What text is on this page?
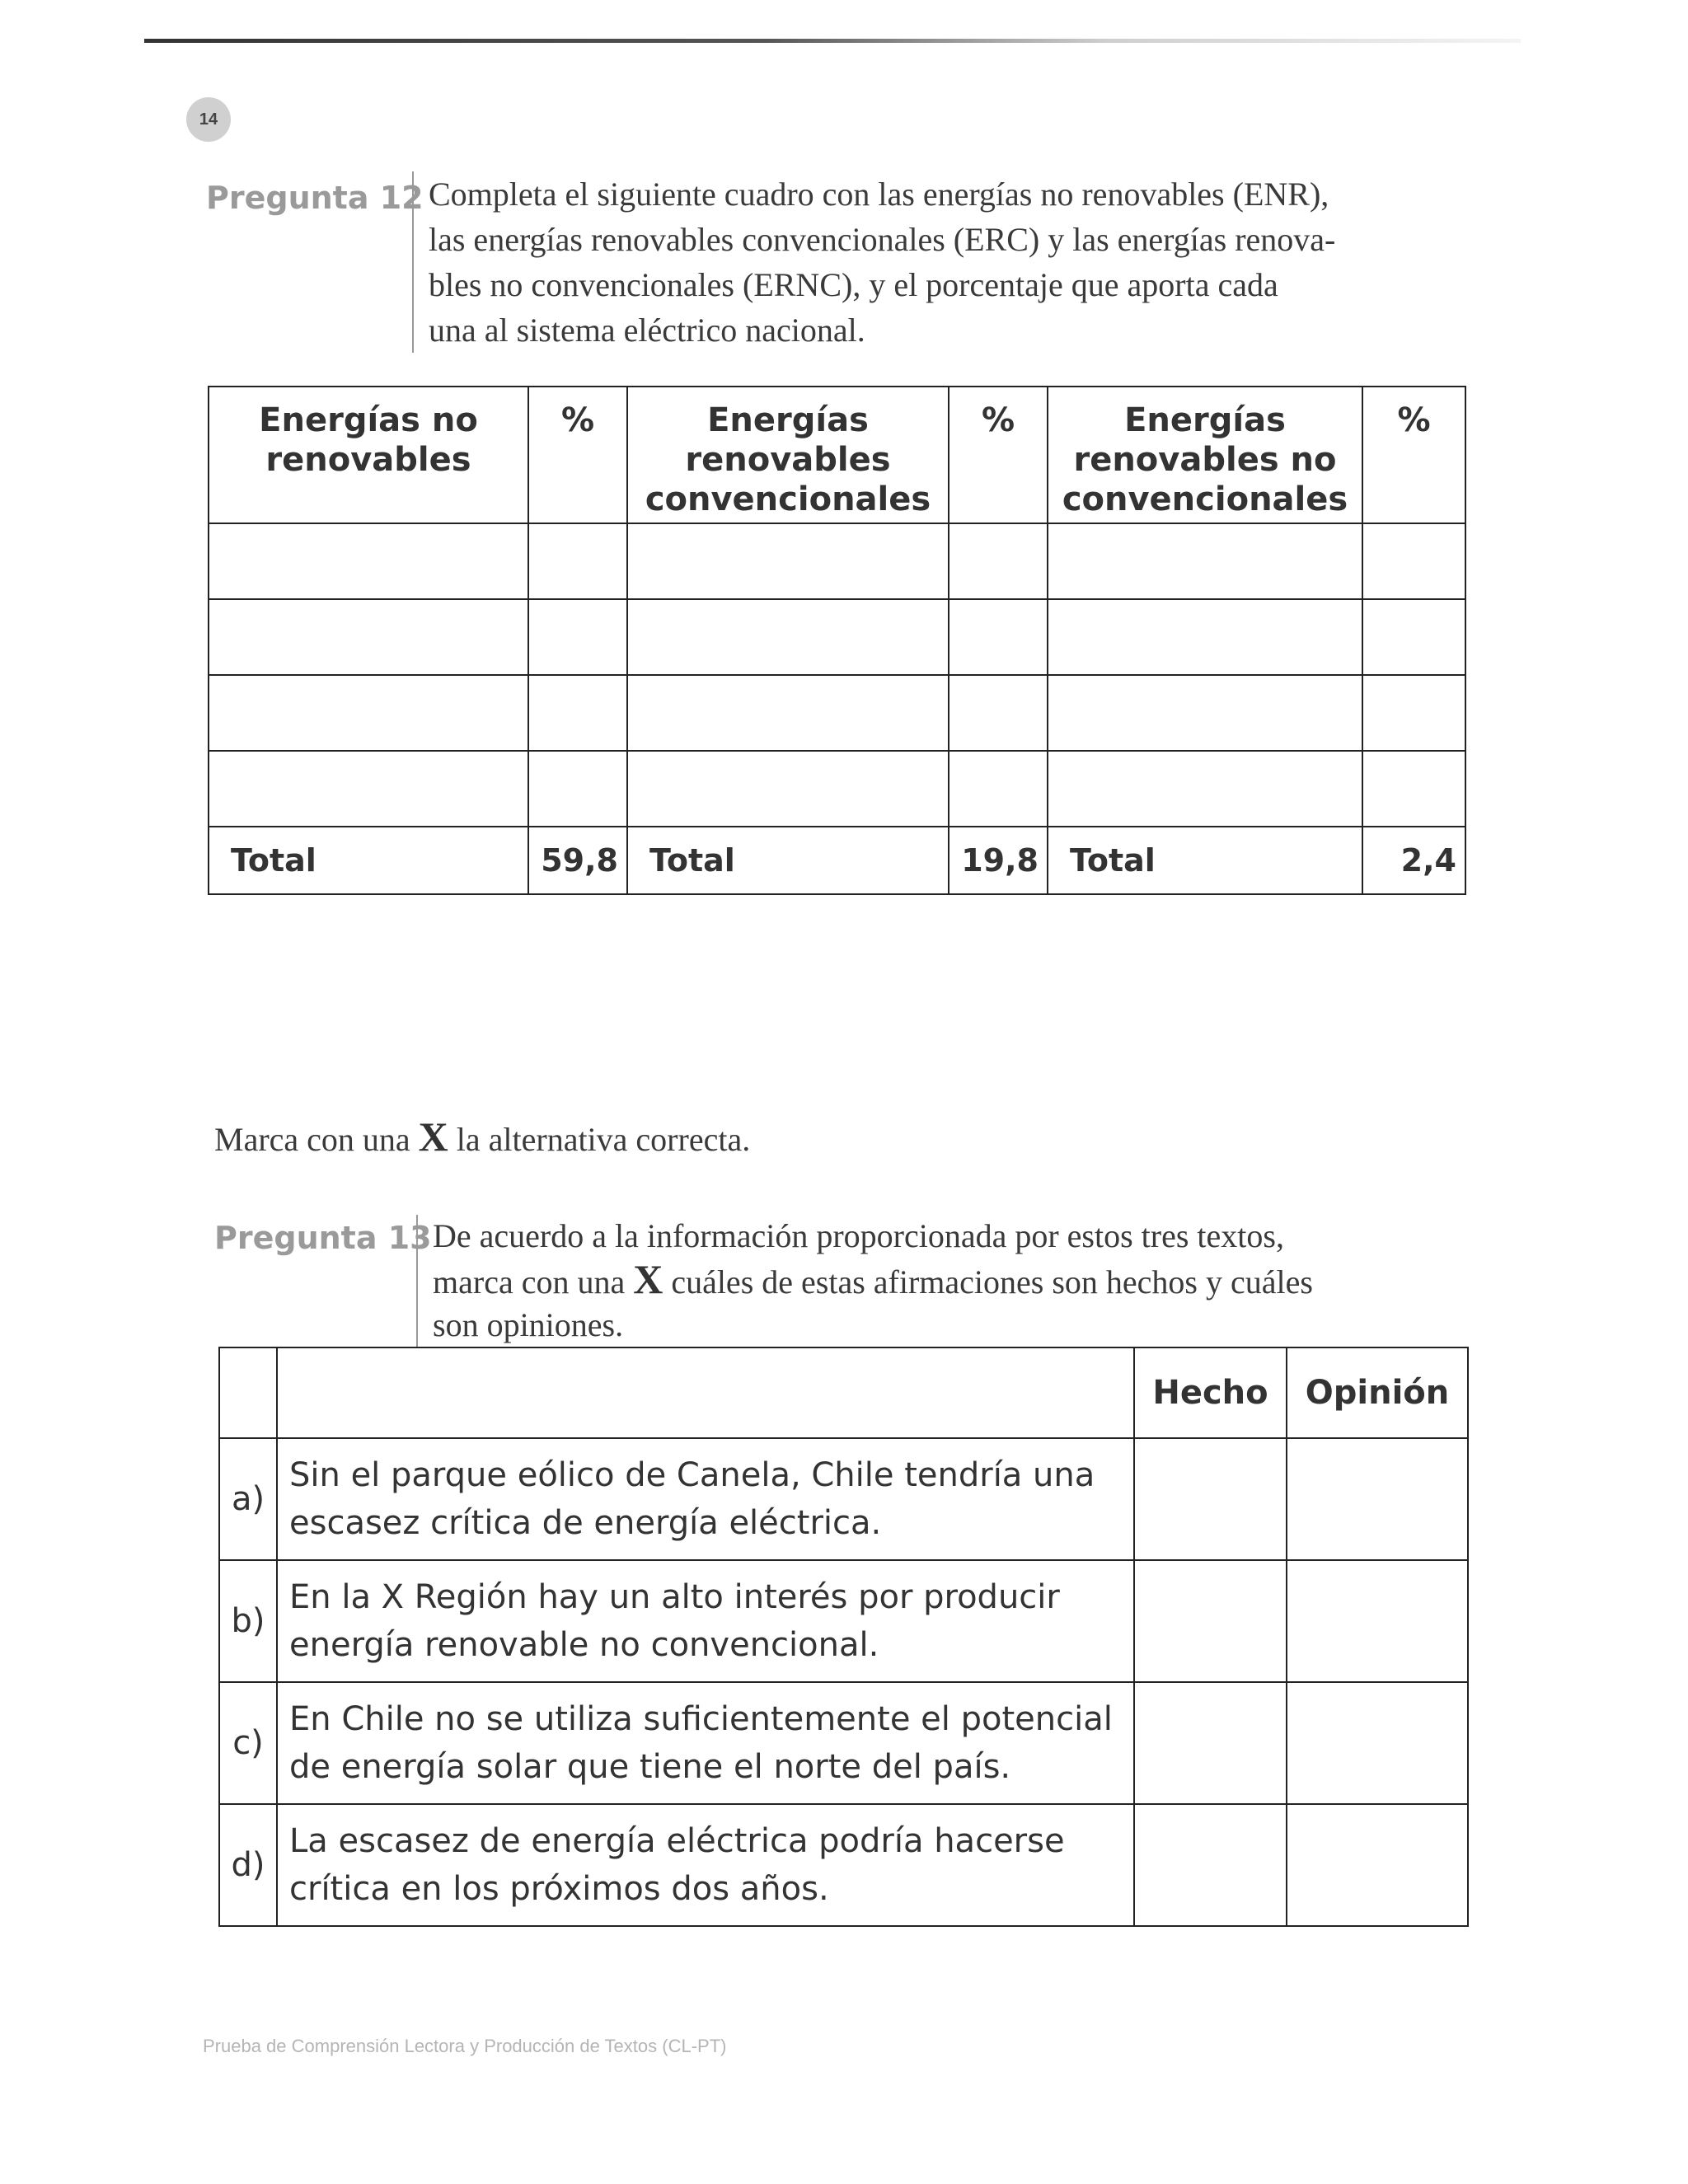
14
Pregunta 12 Completa el siguiente cuadro con las energías no renovables (ENR),
las energías renovables convencionales (ERC) y las energías renova-
bles no convencionales (ERNC), y el porcentaje que aporta cada
una al sistema eléctrico nacional.

Energías no
renovables	%	Energías
renovables
convencionales	%	Energías
renovables no
convencionales	%

Total	59,8	Total	19,8	Total	2,4

Marca con una X la alternativa correcta.

Pregunta 13 De acuerdo a la información proporcionada por estos tres textos,
marca con una X cuáles de estas afirmaciones son hechos y cuáles
son opiniones.

		Hecho	Opinión
a)	Sin el parque eólico de Canela, Chile tendría una
escasez crítica de energía eléctrica.		
b)	En la X Región hay un alto interés por producir
energía renovable no convencional.		
c)	En Chile no se utiliza suficientemente el potencial
de energía solar que tiene el norte del país.		
d)	La escasez de energía eléctrica podría hacerse
crítica en los próximos dos años.		

Prueba de Comprensión Lectora y Producción de Textos (CL-PT)
